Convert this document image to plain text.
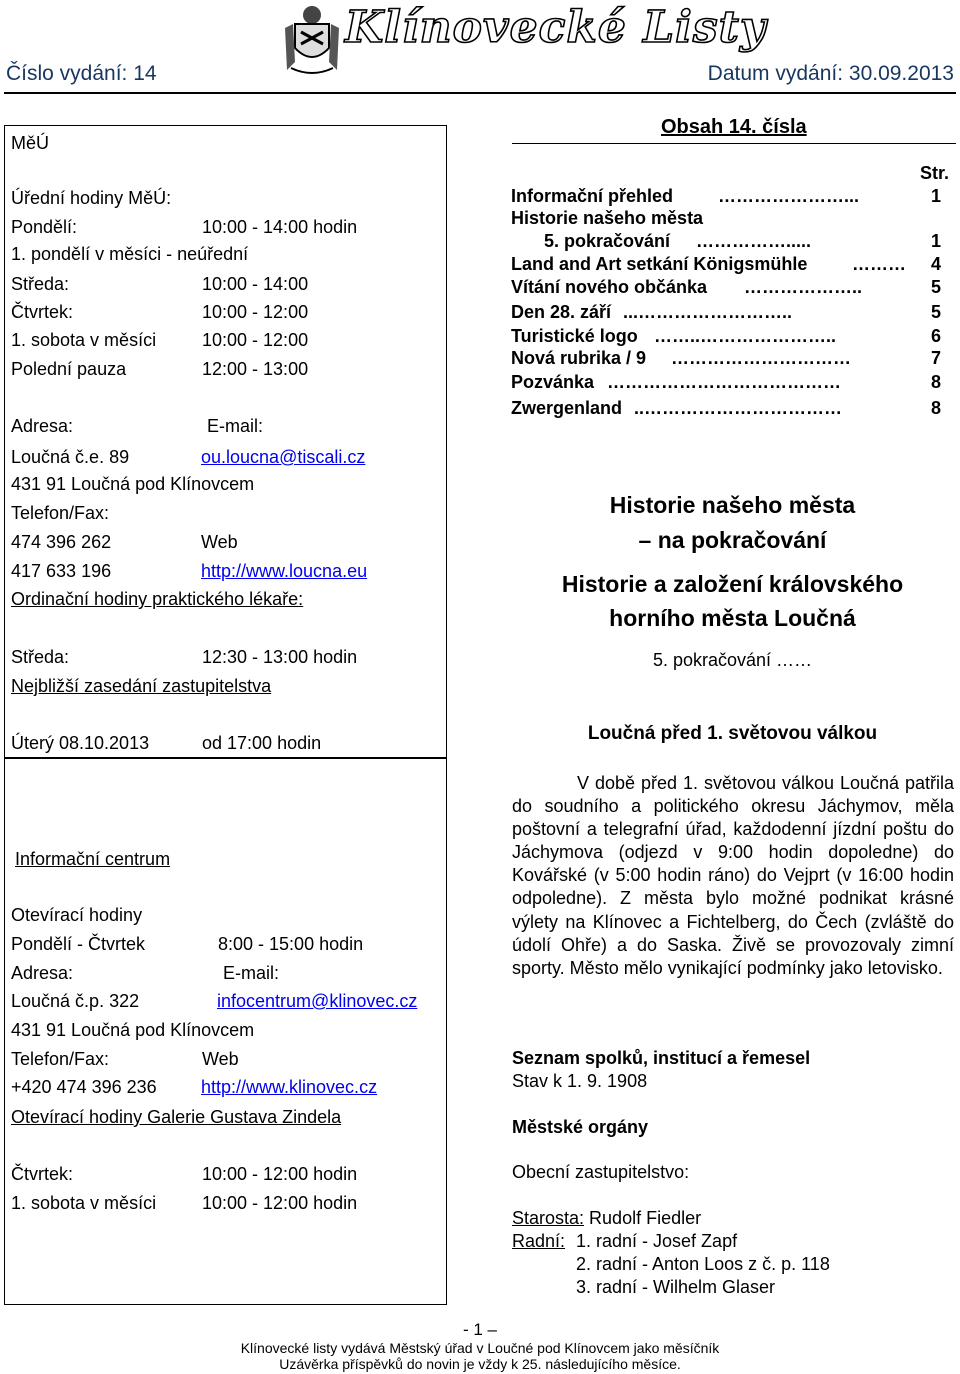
Číslo vydání: 14
Klínovecké Listy
Datum vydání: 30.09.2013
MěÚ
Úřední hodiny MěÚ:
Pondělí:	10:00 - 14:00 hodin
1. pondělí v měsíci - neúřední
Středa:	10:00 - 14:00
Čtvrtek:	10:00 - 12:00
1. sobota v měsíci	10:00 - 12:00
Polední pauza	12:00 - 13:00
Adresa:	E-mail:
Loučná č.e. 89	ou.loucna@tiscali.cz
431 91 Loučná pod Klínovcem
Telefon/Fax:
474 396 262	Web
417 633 196	http://www.loucna.eu
Ordinační hodiny praktického lékaře:
Středa:	12:30 - 13:00 hodin
Nejbližší zasedání zastupitelstva
Úterý 08.10.2013	od 17:00 hodin
Informační centrum
Otevírací hodiny
Pondělí - Čtvrtek	8:00 - 15:00 hodin
Adresa:	E-mail:
Loučná č.p. 322	infocentrum@klinovec.cz
431 91 Loučná pod Klínovcem
Telefon/Fax:	Web
+420 474 396 236 http://www.klinovec.cz
Otevírací hodiny Galerie Gustava Zindela
Čtvrtek:	10:00 - 12:00 hodin
1. sobota v měsíci	10:00 - 12:00 hodin
Obsah 14. čísla
Str.
Informační přehled …………………...	1
Historie našeho města
5. pokračování …………….....	1
Land and Art setkání Königsmühle ……… 4
Vítání nového občánka ………………..	5
Den 28. září ...……………………..	5
Turistické logo ……..…………………..	6
Nová rubrika / 9 …………………………	7
Pozvánka …………………………………	8
Zwergenland ..……………………………	8
Historie našeho města
– na pokračování
Historie a založení královského
horního města Loučná
5. pokračování ……
Loučná před 1. světovou válkou
V době před 1. světovou válkou Loučná patřila do soudního a politického okresu Jáchymov, měla poštovní a telegrafní úřad, každodenní jízdní poštu do Jáchymova (odjezd v 9:00 hodin dopoledne) do Kovářské (v 5:00 hodin ráno) do Vejprt (v 16:00 hodin odpoledne). Z města bylo možné podnikat krásné výlety na Klínovec a Fichtelberg, do Čech (zvláště do údolí Ohře) a do Saska. Živě se provozovaly zimní sporty. Město mělo vynikající podmínky jako letovisko.
Seznam spolků, institucí a řemesel
Stav k 1. 9. 1908
Městské orgány
Obecní zastupitelstvo:
Starosta: Rudolf Fiedler
Radní: 1. radní - Josef Zapf
2. radní - Anton Loos z č. p. 118
3. radní - Wilhelm Glaser
- 1 –
Klínovecké listy vydává Městský úřad v Loučné pod Klínovcem jako měsíčník
Uzávěrka příspěvků do novin je vždy k 25. následujícího měsíce.
